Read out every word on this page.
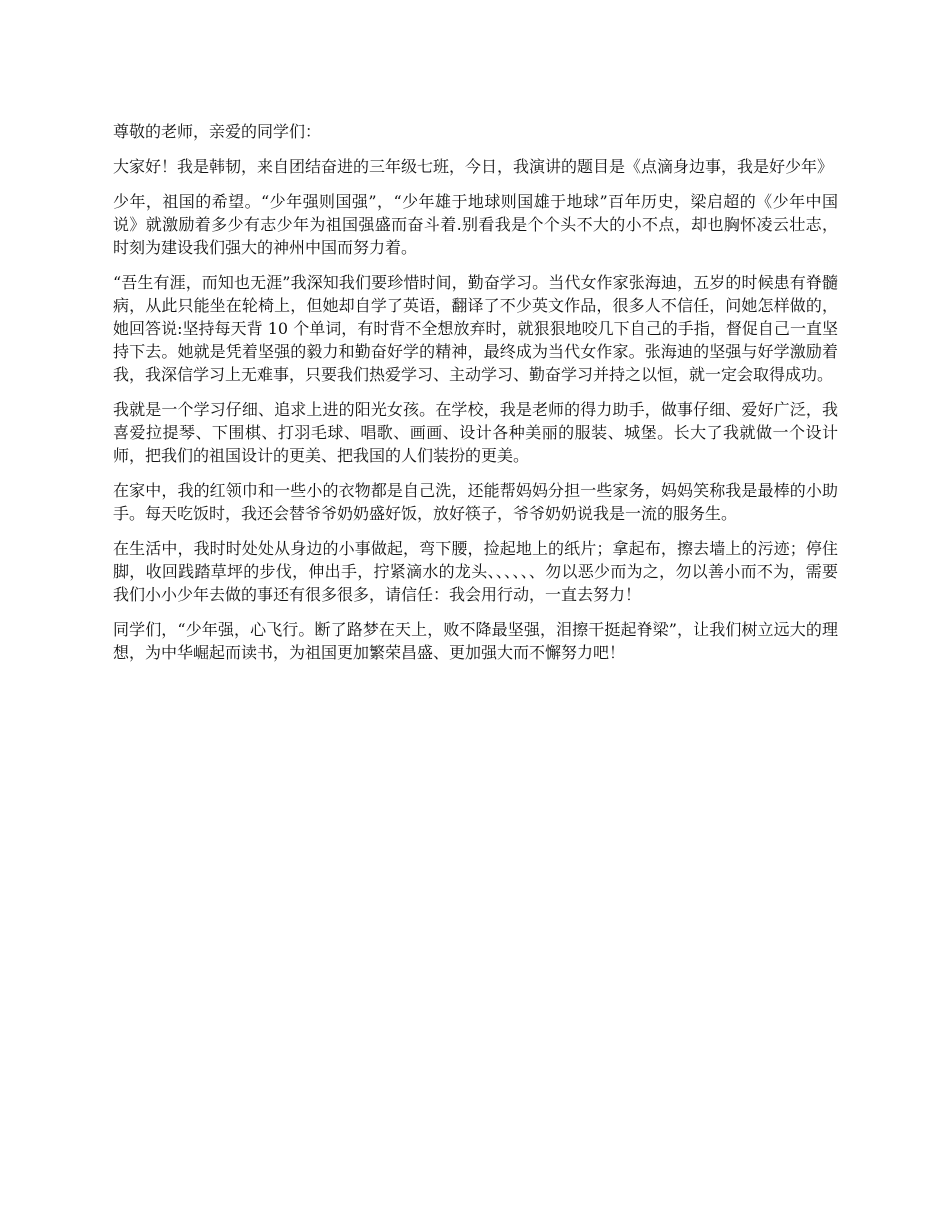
尊敬的老师，亲爱的同学们：

大家好！我是韩韧，来自团结奋进的三年级七班，今日，我演讲的题目是《点滴身边事，我是好少年》

少年，祖国的希望。“少年强则国强”，“少年雄于地球则国雄于地球”百年历史，梁启超的《少年中国说》就激励着多少有志少年为祖国强盛而奋斗着.别看我是个个头不大的小不点，却也胸怀凌云壮志，时刻为建设我们强大的神州中国而努力着。

“吾生有涯，而知也无涯”我深知我们要珍惜时间，勤奋学习。当代女作家张海迪，五岁的时候患有脊髓病，从此只能坐在轮椅上，但她却自学了英语，翻译了不少英文作品，很多人不信任，问她怎样做的，她回答说:坚持每天背 10 个单词，有时背不全想放弃时，就狠狠地咬几下自己的手指，督促自己一直坚持下去。她就是凭着坚强的毅力和勤奋好学的精神，最终成为当代女作家。张海迪的坚强与好学激励着我，我深信学习上无难事，只要我们热爱学习、主动学习、勤奋学习并持之以恒，就一定会取得成功。

我就是一个学习仔细、追求上进的阳光女孩。在学校，我是老师的得力助手，做事仔细、爱好广泛，我喜爱拉提琴、下围棋、打羽毛球、唱歌、画画、设计各种美丽的服装、城堡。长大了我就做一个设计师，把我们的祖国设计的更美、把我国的人们装扮的更美。

在家中，我的红领巾和一些小的衣物都是自己洗，还能帮妈妈分担一些家务，妈妈笑称我是最棒的小助手。每天吃饭时，我还会替爷爷奶奶盛好饭，放好筷子，爷爷奶奶说我是一流的服务生。

在生活中，我时时处处从身边的小事做起，弯下腰，捡起地上的纸片；拿起布，擦去墙上的污迹；停住脚，收回践踏草坪的步伐，伸出手，拧紧滴水的龙头、、、、、、勿以恶少而为之，勿以善小而不为，需要我们小小少年去做的事还有很多很多，请信任：我会用行动，一直去努力！

同学们，“少年强，心飞行。断了路梦在天上，败不降最坚强，泪擦干挺起脊梁”，让我们树立远大的理想，为中华崛起而读书，为祖国更加繁荣昌盛、更加强大而不懈努力吧！
